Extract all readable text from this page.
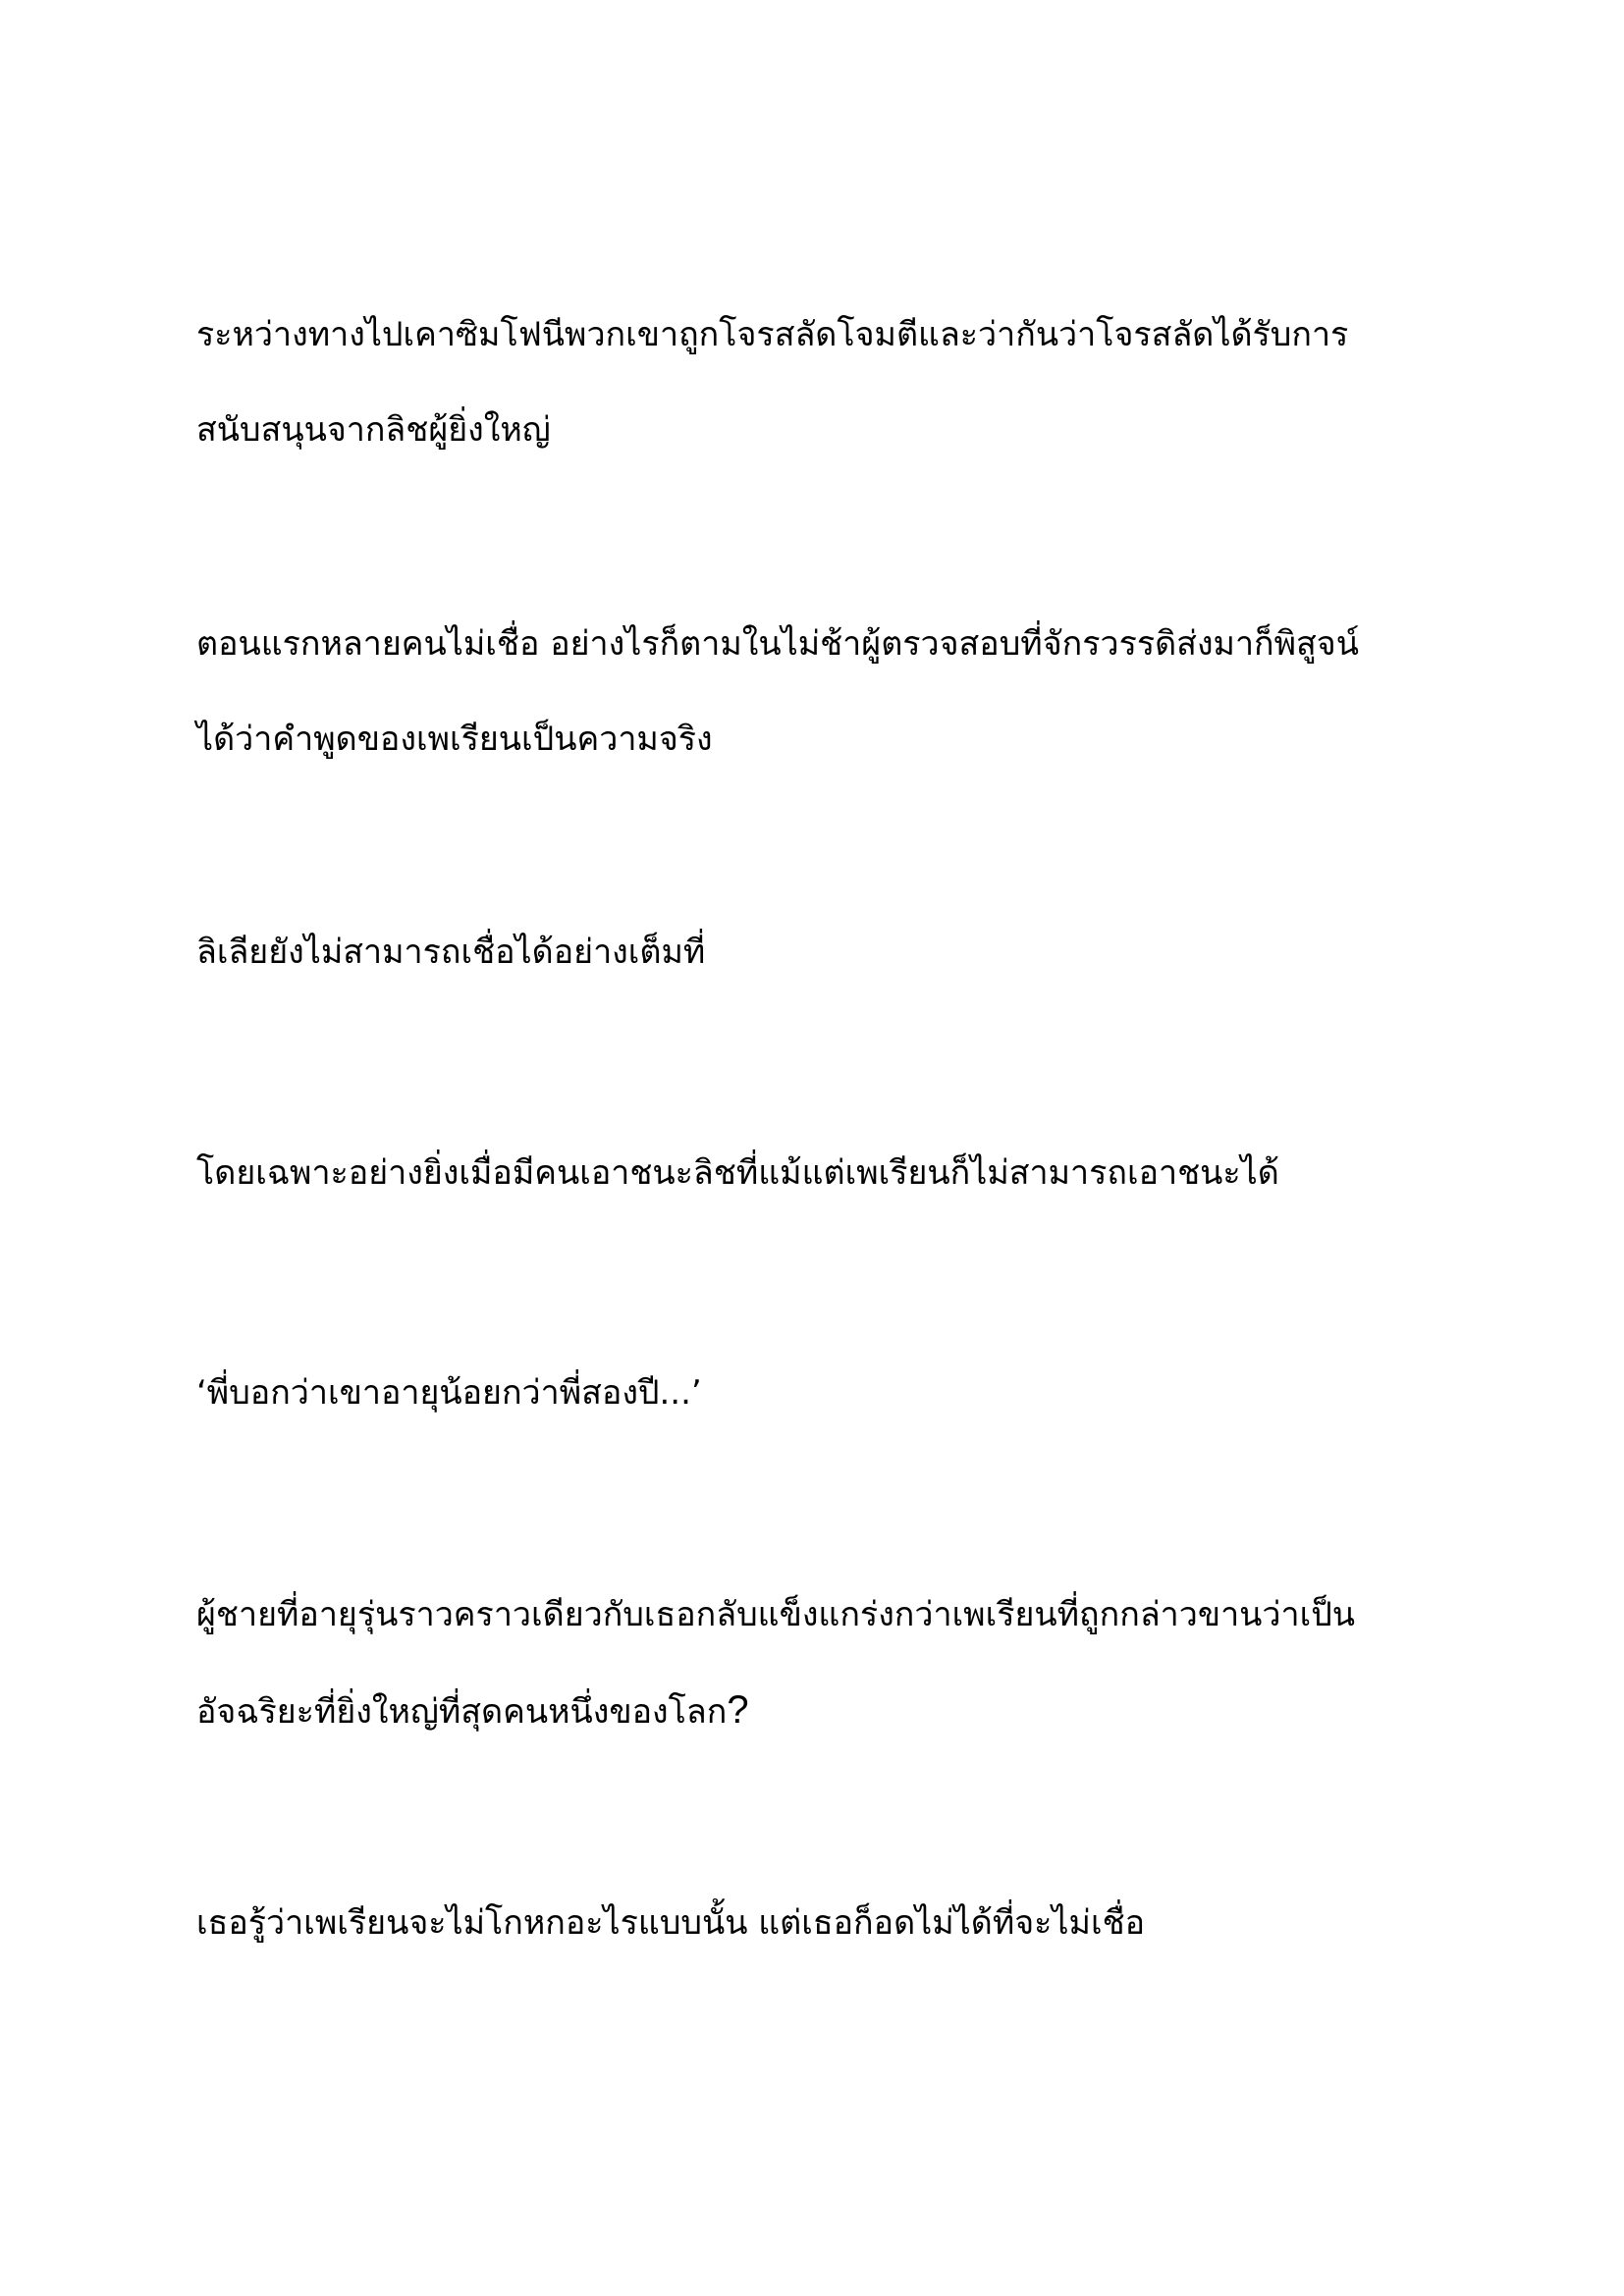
ระหว่างทางไปเคาซิมโฟนีพวกเขาถูกโจรสลัดโจมตีและว่ากันว่าโจรสลัดได้รับการ
สนับสนุนจากลิชผู้ยิ่งใหญ่

ตอนแรกหลายคนไม่เชื่อ อย่างไรก็ตามในไม่ช้าผู้ตรวจสอบที่จักรวรรดิส่งมาก็พิสูจน์
ได้ว่าคำพูดของเพเรียนเป็นความจริง

ลิเลียยังไม่สามารถเชื่อได้อย่างเต็มที่

โดยเฉพาะอย่างยิ่งเมื่อมีคนเอาชนะลิชที่แม้แต่เพเรียนก็ไม่สามารถเอาชนะได้

‘พี่บอกว่าเขาอายุน้อยกว่าพี่สองปี...’

ผู้ชายที่อายุรุ่นราวคราวเดียวกับเธอกลับแข็งแกร่งกว่าเพเรียนที่ถูกกล่าวขานว่าเป็น
อัจฉริยะที่ยิ่งใหญ่ที่สุดคนหนึ่งของโลก?

เธอรู้ว่าเพเรียนจะไม่โกหกอะไรแบบนั้น แต่เธอก็อดไม่ได้ที่จะไม่เชื่อ
